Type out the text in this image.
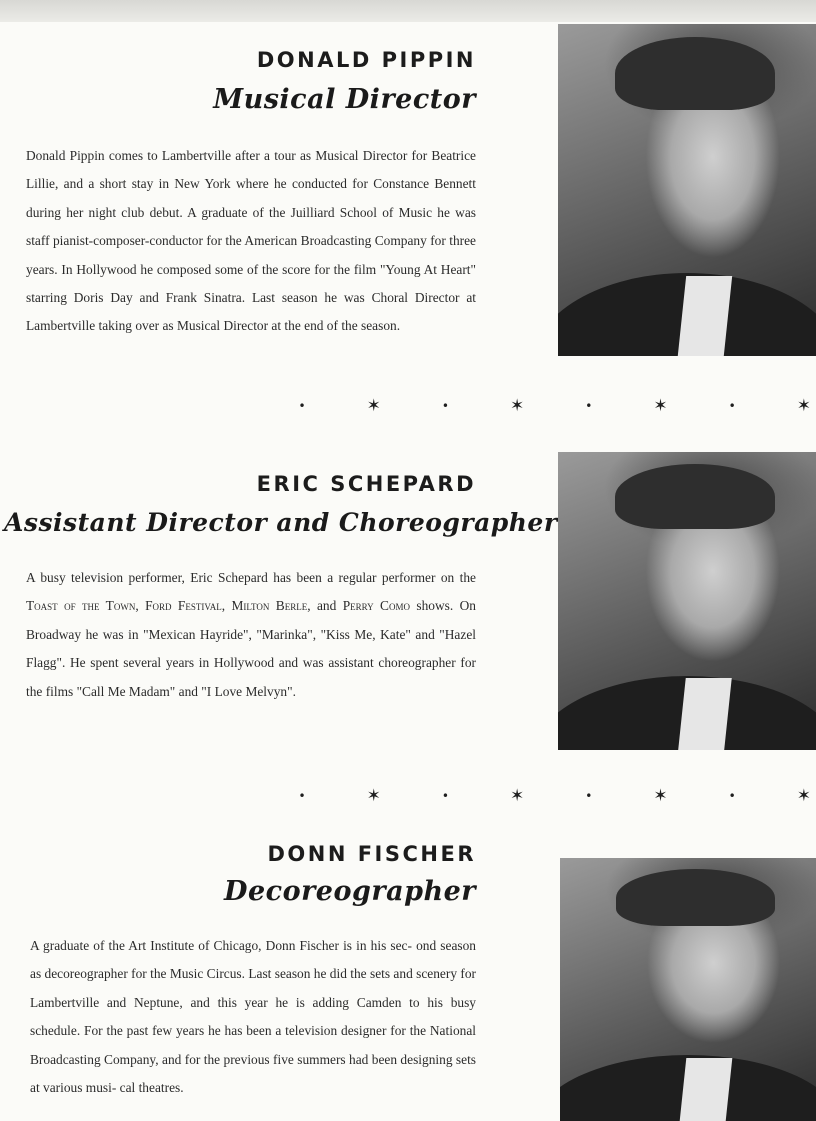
DONALD PIPPIN
Musical Director

Donald Pippin comes to Lambertville after a tour as Musical Director for Beatrice Lillie, and a short stay in New York where he conducted for Constance Bennett during her night club debut. A graduate of the Juilliard School of Music he was staff pianist-composer-conductor for the American Broadcasting Company for three years. In Hollywood he composed some of the score for the film "Young At Heart" starring Doris Day and Frank Sinatra. Last season he was Choral Director at Lambertville taking over as Musical Director at the end of the season.

•	✶	•	✶	•	✶	•	✶
ERIC SCHEPARD
Assistant Director and Choreographer

A busy television performer, Eric Schepard has been a regular performer on the Toast of the Town, Ford Festival, Milton Berle, and Perry Como shows. On Broadway he was in "Mexican Hayride", "Marinka", "Kiss Me, Kate" and "Hazel Flagg". He spent several years in Hollywood and was assistant choreographer for the films "Call Me Madam" and "I Love Melvyn".

•	✶	•	✶	•	✶	•	✶
DONN FISCHER
Decoreographer

A graduate of the Art Institute of Chicago, Donn Fischer is in his sec- ond season as decoreographer for the Music Circus. Last season he did the sets and scenery for Lambertville and Neptune, and this year he is adding Camden to his busy schedule. For the past few years he has been a television designer for the National Broadcasting Company, and for the previous five summers had been designing sets at various musi- cal theatres.
